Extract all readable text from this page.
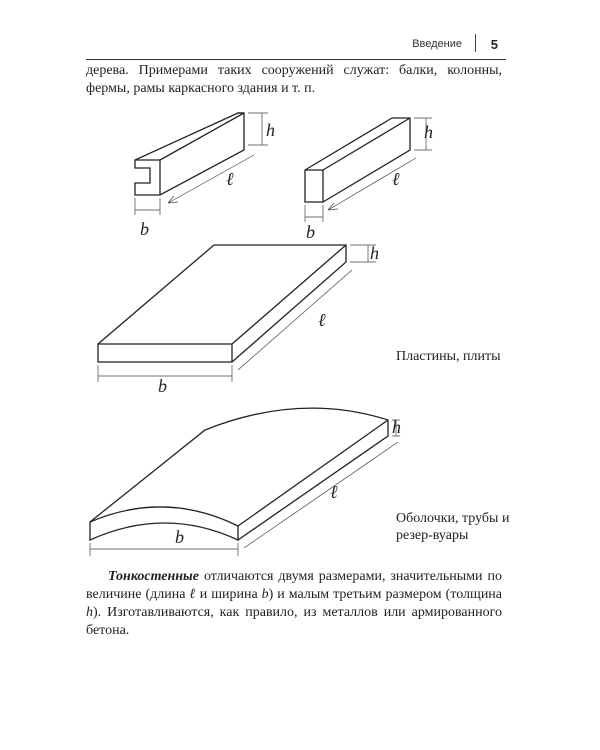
Введение 5
дерева. Примерами таких сооружений служат: балки, колонны, фермы, рамы каркасного здания и т. п.
b
h
ℓ
b
h
ℓ
b
h
ℓ
b
h
ℓ
Пластины, плиты
Оболочки, трубы и резер-вуары
Тонкостенные отличаются двумя размерами, значительными по величине (длина ℓ и ширина b) и малым третьим размером (толщина h). Изготавливаются, как правило, из металлов или армированного бетона.
